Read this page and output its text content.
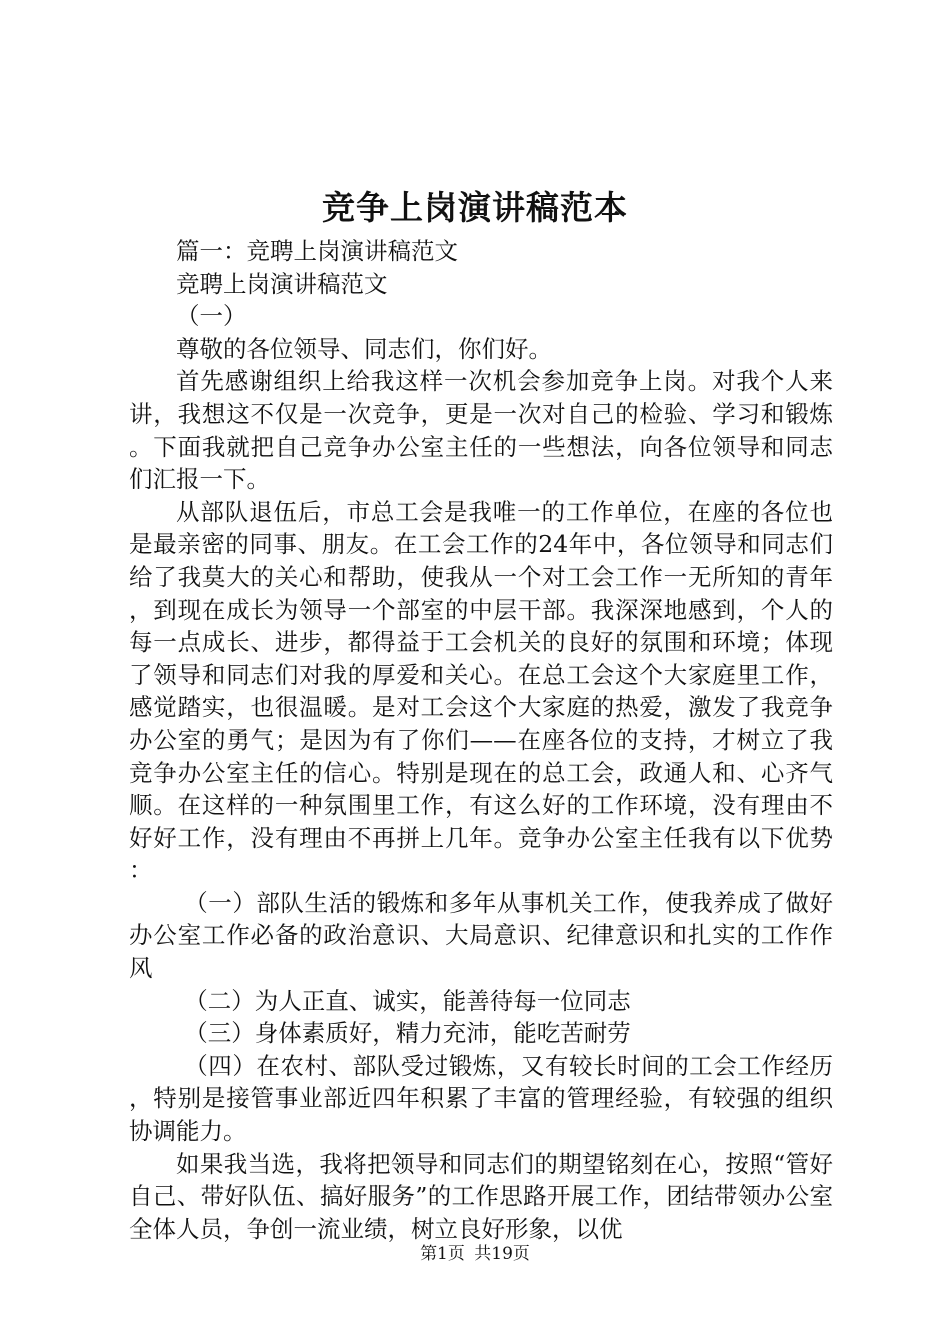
竞争上岗演讲稿范本

篇一：竞聘上岗演讲稿范文

竞聘上岗演讲稿范文

（一）

尊敬的各位领导、同志们，你们好。

首先感谢组织上给我这样一次机会参加竞争上岗。对我个人来讲，我想这不仅是一次竞争，更是一次对自己的检验、学习和锻炼。下面我就把自己竞争办公室主任的一些想法，向各位领导和同志们汇报一下。

从部队退伍后，市总工会是我唯一的工作单位，在座的各位也是最亲密的同事、朋友。在工会工作的24年中，各位领导和同志们给了我莫大的关心和帮助，使我从一个对工会工作一无所知的青年，到现在成长为领导一个部室的中层干部。我深深地感到，个人的每一点成长、进步，都得益于工会机关的良好的氛围和环境；体现了领导和同志们对我的厚爱和关心。在总工会这个大家庭里工作，感觉踏实，也很温暖。是对工会这个大家庭的热爱，激发了我竞争办公室的勇气；是因为有了你们——在座各位的支持，才树立了我竞争办公室主任的信心。特别是现在的总工会，政通人和、心齐气顺。在这样的一种氛围里工作，有这么好的工作环境，没有理由不好好工作，没有理由不再拼上几年。竞争办公室主任我有以下优势：

（一）部队生活的锻炼和多年从事机关工作，使我养成了做好办公室工作必备的政治意识、大局意识、纪律意识和扎实的工作作风

（二）为人正直、诚实，能善待每一位同志

（三）身体素质好，精力充沛，能吃苦耐劳

（四）在农村、部队受过锻炼，又有较长时间的工会工作经历，特别是接管事业部近四年积累了丰富的管理经验，有较强的组织协调能力。

如果我当选，我将把领导和同志们的期望铭刻在心，按照“管好自己、带好队伍、搞好服务”的工作思路开展工作，团结带领办公室全体人员，争创一流业绩，树立良好形象，以优

第1页 共19页
